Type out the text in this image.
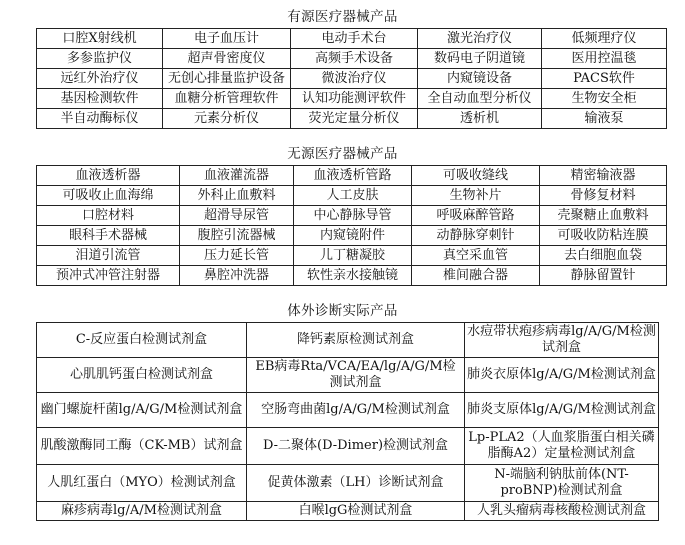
有源医疗器械产品
口腔X射线机	电子血压计	电动手术台	激光治疗仪	低频理疗仪
多参监护仪	超声骨密度仪	高频手术设备	数码电子阴道镜	医用控温毯
远红外治疗仪	无创心排量监护设备	微波治疗仪	内窥镜设备	PACS软件
基因检测软件	血糖分析管理软件	认知功能测评软件	全自动血型分析仪	生物安全柜
半自动酶标仪	元素分析仪	荧光定量分析仪	透析机	输液泵
无源医疗器械产品
血液透析器	血液灌流器	血液透析管路	可吸收缝线	精密输液器
可吸收止血海绵	外科止血敷料	人工皮肤	生物补片	骨修复材料
口腔材料	超滑导尿管	中心静脉导管	呼吸麻醉管路	壳聚糖止血敷料
眼科手术器械	腹腔引流器械	内窥镜附件	动静脉穿刺针	可吸收防粘连膜
泪道引流管	压力延长管	儿丁糖凝胶	真空采血管	去白细胞血袋
预冲式冲管注射器	鼻腔冲洗器	软性亲水接触镜	椎间融合器	静脉留置针
体外诊断实际产品
C-反应蛋白检测试剂盒	降钙素原检测试剂盒	水痘带状疱疹病毒lg/A/G/M检测试剂盒
心肌肌钙蛋白检测试剂盒	EB病毒Rta/VCA/EA/lg/A/G/M检测试剂盒	肺炎衣原体lg/A/G/M检测试剂盒
幽门螺旋杆菌lg/A/G/M检测试剂盒	空肠弯曲菌lg/A/G/M检测试剂盒	肺炎支原体lg/A/G/M检测试剂盒
肌酸激酶同工酶（CK-MB）试剂盒	D-二聚体(D-Dimer)检测试剂盒	Lp-PLA2（人血浆脂蛋白相关磷脂酶A2）定量检测试剂盒
人肌红蛋白（MYO）检测试剂盒	促黄体激素（LH）诊断试剂盒	N-端脑利钠肽前体(NT-proBNP)检测试剂盒
麻疹病毒lg/A/M检测试剂盒	白喉lgG检测试剂盒	人乳头瘤病毒核酸检测试剂盒
